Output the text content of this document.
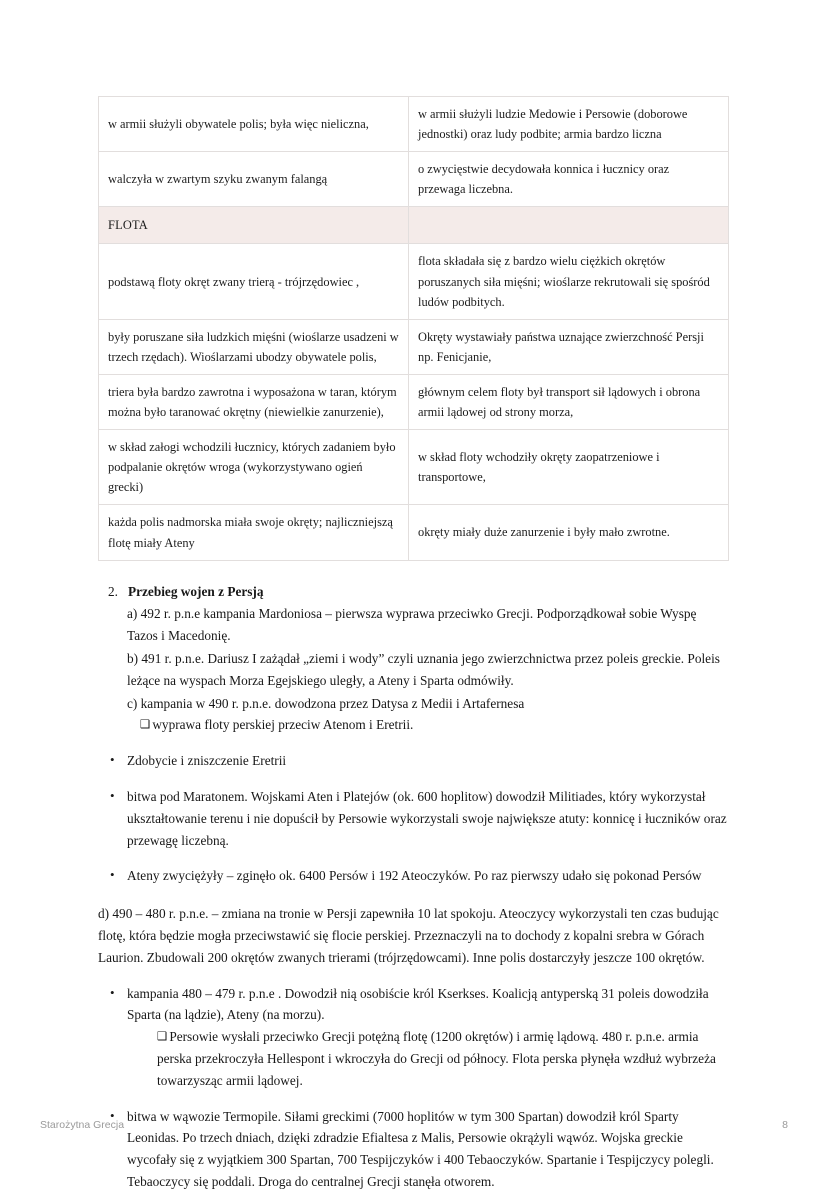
w armii służyli obywatele polis; była więc nieliczna,	w armii służyli ludzie Medowie i Persowie (doborowe jednostki) oraz ludy podbite; armia bardzo liczna
walczyła w zwartym szyku zwanym falangą	o zwycięstwie decydowała konnica i łucznicy oraz przewaga liczebna.
FLOTA	
podstawą floty okręt zwany trierą - trójrzędowiec ,	flota składała się z bardzo wielu ciężkich okrętów poruszanych siła mięśni; wioślarze rekrutowali się spośród ludów podbitych.
były poruszane siła ludzkich mięśni (wioślarze usadzeni w trzech rzędach). Wioślarzami ubodzy obywatele polis,	Okręty wystawiały państwa uznające zwierzchność Persji np. Fenicjanie,
triera była bardzo zawrotna i wyposażona w taran, którym można było taranować okrętny (niewielkie zanurzenie),	głównym celem floty był transport sił lądowych i obrona armii lądowej od strony morza,
w skład załogi wchodzili łucznicy, których zadaniem było podpalanie okrętów wroga (wykorzystywano ogień grecki)	w skład floty wchodziły okręty zaopatrzeniowe i transportowe,
każda polis nadmorska miała swoje okręty; najliczniejszą flotę miały Ateny	okręty miały duże zanurzenie i były mało zwrotne.
2. Przebieg wojen z Persją
a) 492 r. p.n.e kampania Mardoniosa – pierwsza wyprawa przeciwko Grecji. Podporządkował sobie Wyspę Tazos i Macedonię.
b) 491 r. p.n.e. Dariusz I zażądał „ziemi i wody” czyli uznania jego zwierzchnictwa przez poleis greckie. Poleis leżące na wyspach Morza Egejskiego uległy, a Ateny i Sparta odmówiły.
c) kampania w 490 r. p.n.e. dowodzona przez Datysa z Medii i Artafernesa
❑ wyprawa floty perskiej przeciw Atenom i Eretrii.
• Zdobycie i zniszczenie Eretrii
• bitwa pod Maratonem. Wojskami Aten i Platejów (ok. 600 hoplitow) dowodził Militiades, który wykorzystał ukształtowanie terenu i nie dopuścił by Persowie wykorzystali swoje największe atuty: konnicę i łuczników oraz przewagę liczebną.
• Ateny zwyciężyły – zginęło ok. 6400 Persów i 192 Ateoczyków. Po raz pierwszy udało się pokonad Persów
d) 490 – 480 r. p.n.e. – zmiana na tronie w Persji zapewniła 10 lat spokoju. Ateoczycy wykorzystali ten czas budując flotę, która będzie mogła przeciwstawić się flocie perskiej. Przeznaczyli na to dochody z kopalni srebra w Górach Laurion. Zbudowali 200 okrętów zwanych trierami (trójrzędowcami). Inne polis dostarczyły jeszcze 100 okrętów.
• kampania 480 – 479 r. p.n.e . Dowodził nią osobiście król Kserkses. Koalicją antyperską 31 poleis dowodziła Sparta (na lądzie), Ateny (na morzu).
❑ Persowie wysłali przeciwko Grecji potężną flotę (1200 okrętów) i armię lądową. 480 r. p.n.e. armia perska przekroczyła Hellespont i wkroczyła do Grecji od północy. Flota perska płynęła wzdłuż wybrzeża towarzysząc armii lądowej.
• bitwa w wąwozie Termopile. Siłami greckimi (7000 hoplitów w tym 300 Spartan) dowodził król Sparty Leonidas. Po trzech dniach, dzięki zdradzie Efialtesa z Malis, Persowie okrążyli wąwóz. Wojska greckie wycofały się z wyjątkiem 300 Spartan, 700 Tespijczyków i 400 Tebaoczyków. Spartanie i Tespijczycy polegli. Tebaoczycy się poddali. Droga do centralnej Grecji stanęła otworem.
Starożytna Grecja	8
